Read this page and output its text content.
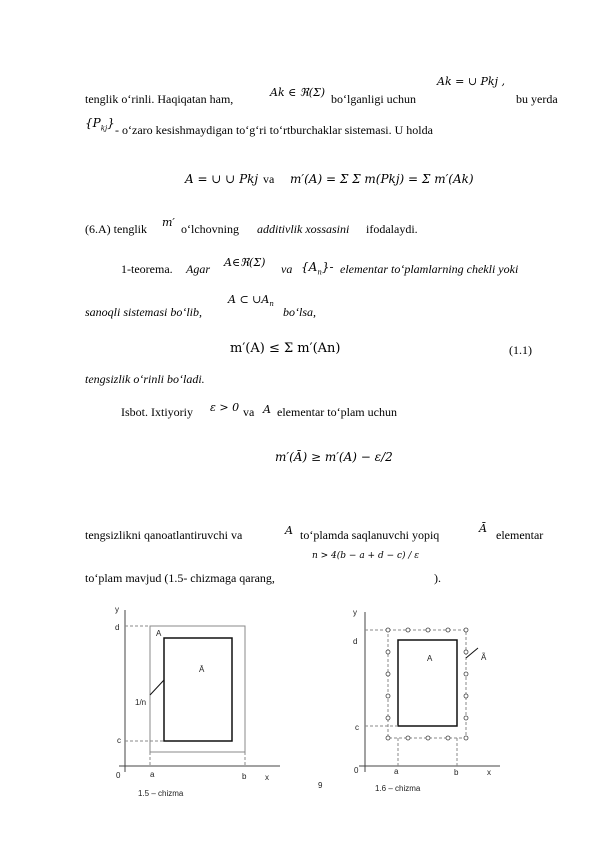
tenglik o‘rinli. Haqiqatan ham,	Ak ∈ ℜ(Σ) bo‘lganligi uchun
Ak = ∪ Pkj ,
bu yerda
$\{P_{kj}\}$ - o‘zaro kesishmaydigan to‘g‘ri to‘rtburchaklar sistemasi. U holda
A = ∪ ∪ Pkj va m′(A) = Σ Σ m(Pkj) = Σ m′(Ak)
(6.A) tenglik m′ o‘lchovning additivlik xossasini ifodalaydi.
1-teorema. Agar A∈ℜ(Σ) va $\{A_n\}-$ elementar to‘plamlarning chekli yoki
sanoqli sistemasi bo‘lib,
A ⊂ $\cup A_n$
bo‘lsa,
m′(A) ≤ Σ m′(An)	(1.1)
tengsizlik o‘rinli bo‘ladi.
Isbot. Ixtiyoriy ε > 0 va A elementar to‘plam uchun
m′(Ā) ≥ m′(A) − ε/2
tengsizlikni qanoatlantiruvchi va	A to‘plamda saqlanuvchi yopiq	Ā elementar
to‘plam mavjud (1.5- chizmaga qarang,
n > 4(b − a + d − c) / ε
).
y
d
c
0	a	b x
A
Ā
1/n
1.5 – chizma
9
y
d
c
0	a	b	x
A	Ã
1.6 – chizma
